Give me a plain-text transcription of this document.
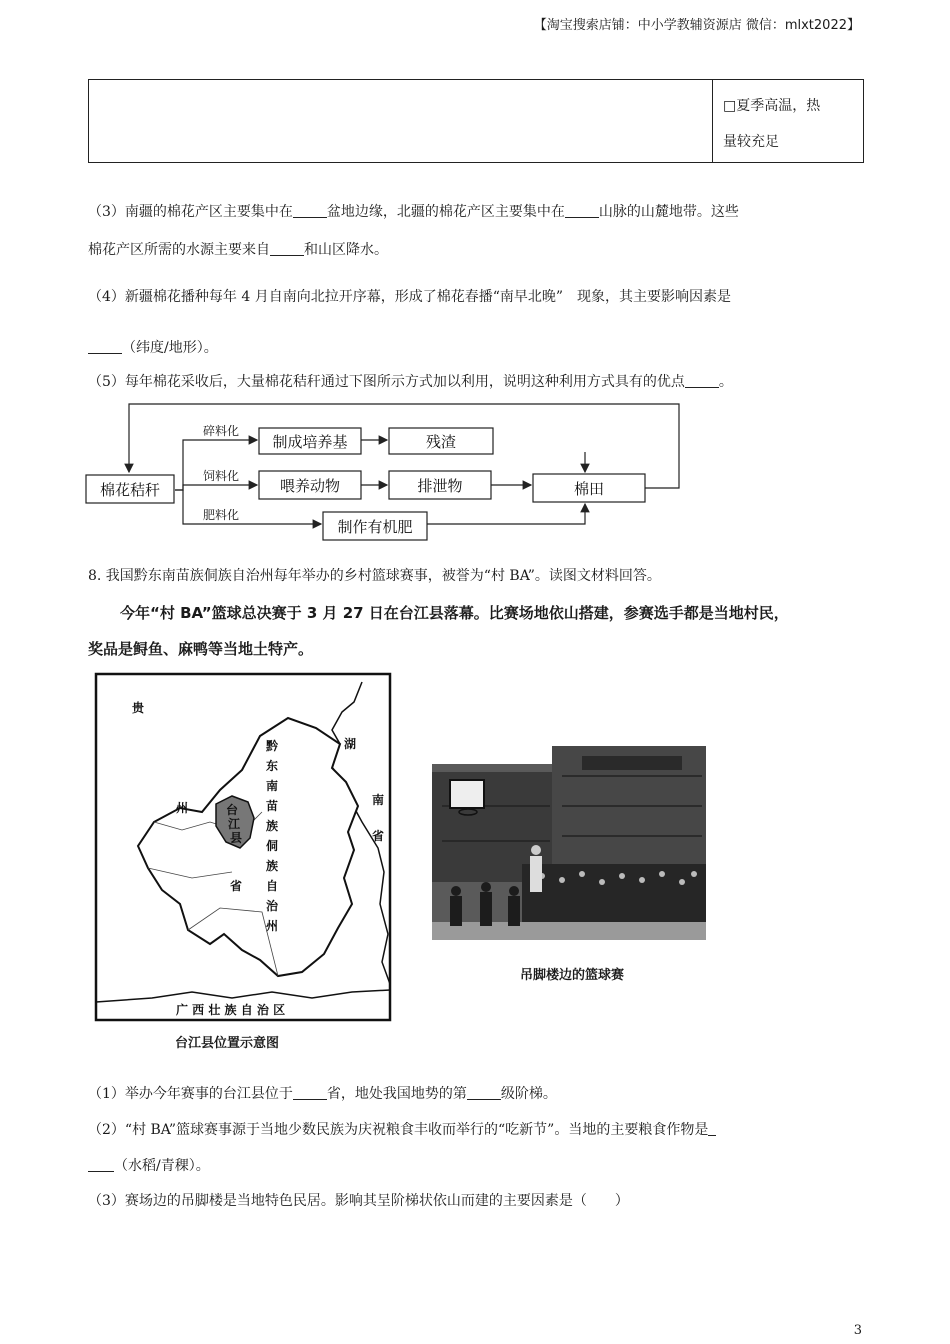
【淘宝搜索店铺：中小学教辅资源店 微信：mlxt2022】
□夏季高温，热
量较充足
（3）南疆的棉花产区主要集中在 盆地边缘，北疆的棉花产区主要集中在 山脉的山麓地带。这些
棉花产区所需的水源主要来自 和山区降水。
（4）新疆棉花播种每年 4 月自南向北拉开序幕，形成了棉花春播“南早北晚”　现象，其主要影响因素是
（纬度/地形）。
（5）每年棉花采收后，大量棉花秸秆通过下图所示方式加以利用，说明这种利用方式具有的优点 。
棉花秸秆
制成培养基	残渣
喂养动物	排泄物	棉田
制作有机肥
碎料化
饲料化
肥料化
8. 我国黔东南苗族侗族自治州每年举办的乡村篮球赛事，被誉为“村 BA”。读图文材料回答。
今年“村 BA”篮球总决赛于 3 月 27 日在台江县落幕。比赛场地依山搭建，参赛选手都是当地村民，
奖品是鲟鱼、麻鸭等当地土特产。
贵
州
省
湖
南
省
黔
东
南
苗
族
侗
族
自
治
州
台
江
县
广 西 壮 族 自 治 区
台江县位置示意图
吊脚楼边的篮球赛
（1）举办今年赛事的台江县位于 省，地处我国地势的第 级阶梯。
（2）“村 BA”篮球赛事源于当地少数民族为庆祝粮食丰收而举行的“吃新节”。当地的主要粮食作物是
（水稻/青稞）。
（3）赛场边的吊脚楼是当地特色民居。影响其呈阶梯状依山而建的主要因素是（　　）
3
